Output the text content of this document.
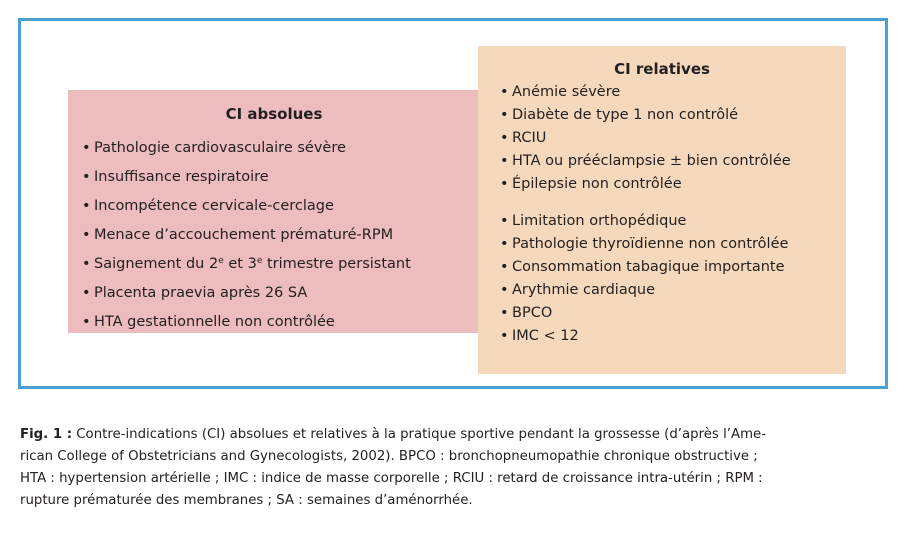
CI absolues

• Pathologie cardiovasculaire sévère
• Insuffisance respiratoire
• Incompétence cervicale-cerclage
• Menace d’accouchement prématuré-RPM
• Saignement du 2e et 3e trimestre persistant
• Placenta praevia après 26 SA
• HTA gestationnelle non contrôlée

CI relatives

• Anémie sévère
• Diabète de type 1 non contrôlé
• RCIU
• HTA ou prééclampsie ± bien contrôlée
• Épilepsie non contrôlée
• Limitation orthopédique
• Pathologie thyroïdienne non contrôlée
• Consommation tabagique importante
• Arythmie cardiaque
• BPCO
• IMC < 12

Fig. 1 : Contre-indications (CI) absolues et relatives à la pratique sportive pendant la grossesse (d’après l’Ame-
rican College of Obstetricians and Gynecologists, 2002). BPCO : bronchopneumopathie chronique obstructive ;
HTA : hypertension artérielle ; IMC : indice de masse corporelle ; RCIU : retard de croissance intra-utérin ; RPM :
rupture prématurée des membranes ; SA : semaines d’aménorrhée.
